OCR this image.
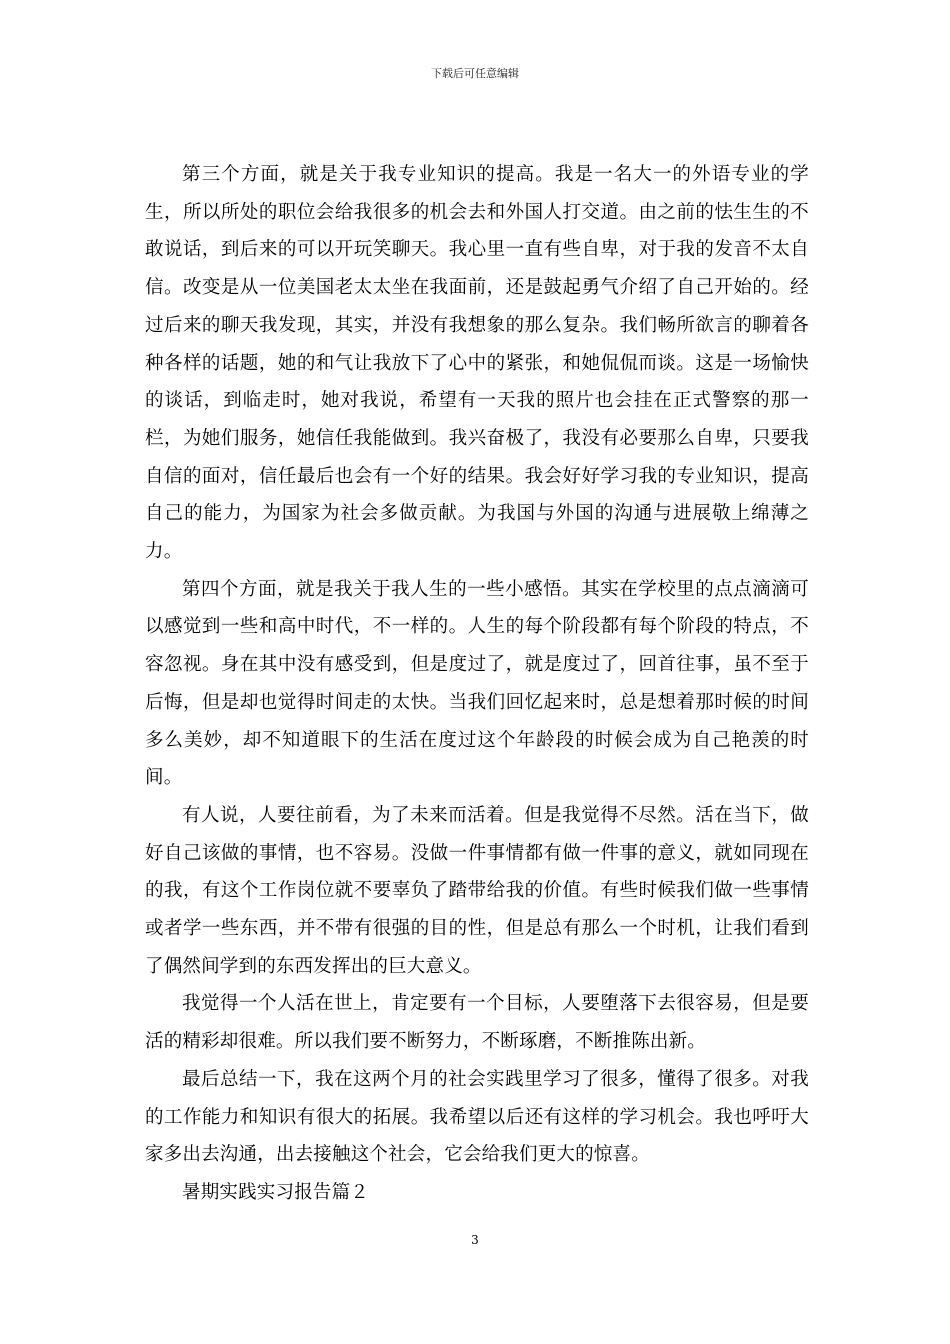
下载后可任意编辑

第三个方面，就是关于我专业知识的提高。我是一名大一的外语专业的学生，所以所处的职位会给我很多的机会去和外国人打交道。由之前的怯生生的不敢说话，到后来的可以开玩笑聊天。我心里一直有些自卑，对于我的发音不太自信。改变是从一位美国老太太坐在我面前，还是鼓起勇气介绍了自己开始的。经过后来的聊天我发现，其实，并没有我想象的那么复杂。我们畅所欲言的聊着各种各样的话题，她的和气让我放下了心中的紧张，和她侃侃而谈。这是一场愉快的谈话，到临走时，她对我说，希望有一天我的照片也会挂在正式警察的那一栏，为她们服务，她信任我能做到。我兴奋极了，我没有必要那么自卑，只要我自信的面对，信任最后也会有一个好的结果。我会好好学习我的专业知识，提高自己的能力，为国家为社会多做贡献。为我国与外国的沟通与进展敬上绵薄之力。

第四个方面，就是我关于我人生的一些小感悟。其实在学校里的点点滴滴可以感觉到一些和高中时代，不一样的。人生的每个阶段都有每个阶段的特点，不容忽视。身在其中没有感受到，但是度过了，就是度过了，回首往事，虽不至于后悔，但是却也觉得时间走的太快。当我们回忆起来时，总是想着那时候的时间多么美妙，却不知道眼下的生活在度过这个年龄段的时候会成为自己艳羡的时间。

有人说，人要往前看，为了未来而活着。但是我觉得不尽然。活在当下，做好自己该做的事情，也不容易。没做一件事情都有做一件事的意义，就如同现在的我，有这个工作岗位就不要辜负了踏带给我的价值。有些时候我们做一些事情或者学一些东西，并不带有很强的目的性，但是总有那么一个时机，让我们看到了偶然间学到的东西发挥出的巨大意义。

我觉得一个人活在世上，肯定要有一个目标，人要堕落下去很容易，但是要活的精彩却很难。所以我们要不断努力，不断琢磨，不断推陈出新。

最后总结一下，我在这两个月的社会实践里学习了很多，懂得了很多。对我的工作能力和知识有很大的拓展。我希望以后还有这样的学习机会。我也呼吁大家多出去沟通，出去接触这个社会，它会给我们更大的惊喜。

暑期实践实习报告篇２

3
